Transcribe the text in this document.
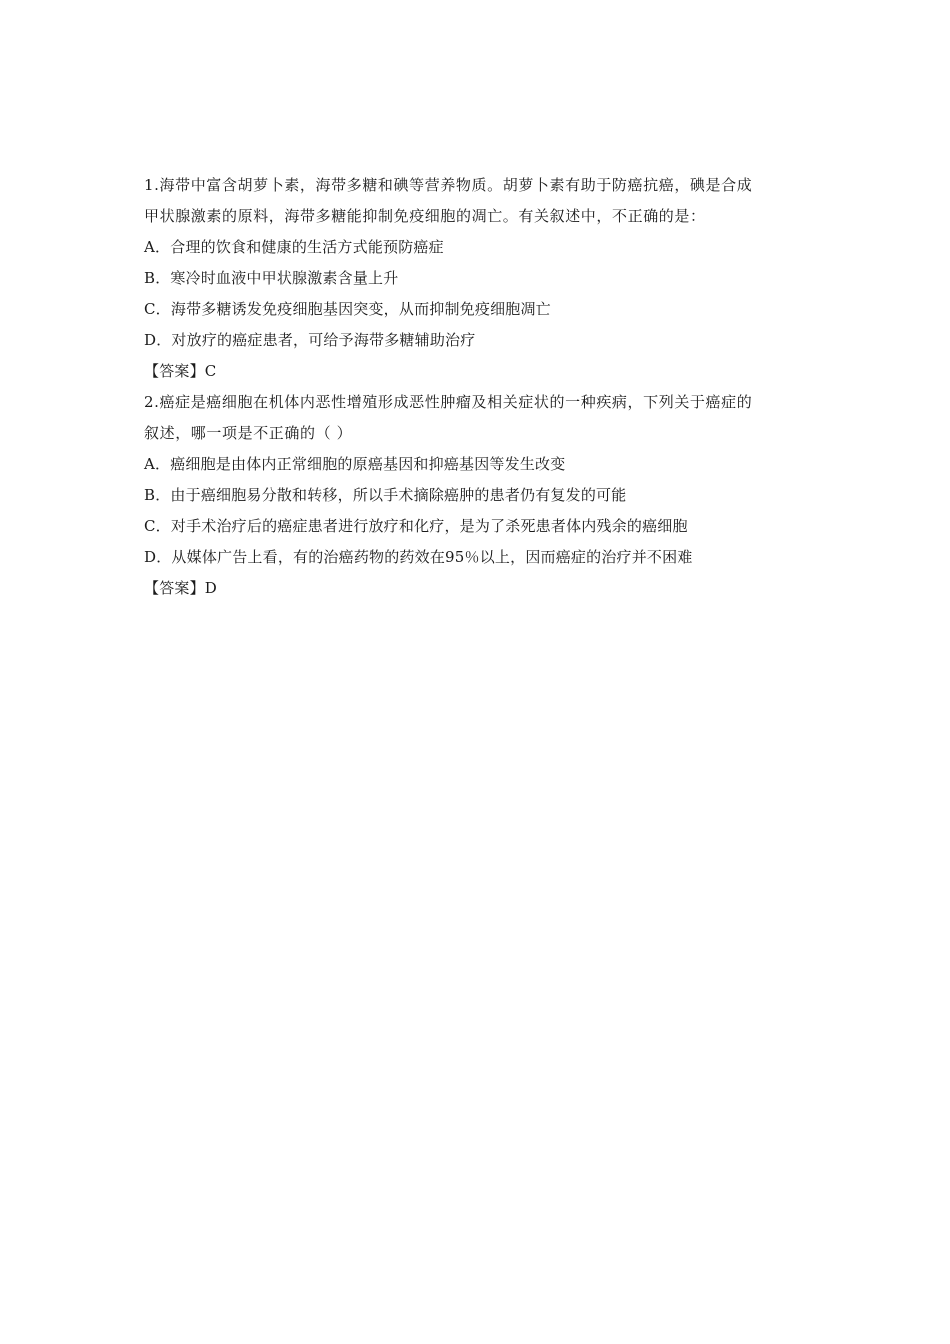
1.海带中富含胡萝卜素，海带多糖和碘等营养物质。胡萝卜素有助于防癌抗癌，碘是合成
甲状腺激素的原料，海带多糖能抑制免疫细胞的凋亡。有关叙述中，不正确的是：
A．合理的饮食和健康的生活方式能预防癌症
B．寒冷时血液中甲状腺激素含量上升
C．海带多糖诱发免疫细胞基因突变，从而抑制免疫细胞凋亡
D．对放疗的癌症患者，可给予海带多糖辅助治疗
【答案】C
2.癌症是癌细胞在机体内恶性增殖形成恶性肿瘤及相关症状的一种疾病，下列关于癌症的
叙述，哪一项是不正确的（ ）
A．癌细胞是由体内正常细胞的原癌基因和抑癌基因等发生改变
B．由于癌细胞易分散和转移，所以手术摘除癌肿的患者仍有复发的可能
C．对手术治疗后的癌症患者进行放疗和化疗，是为了杀死患者体内残余的癌细胞
D．从媒体广告上看，有的治癌药物的药效在95％以上，因而癌症的治疗并不困难
【答案】D
